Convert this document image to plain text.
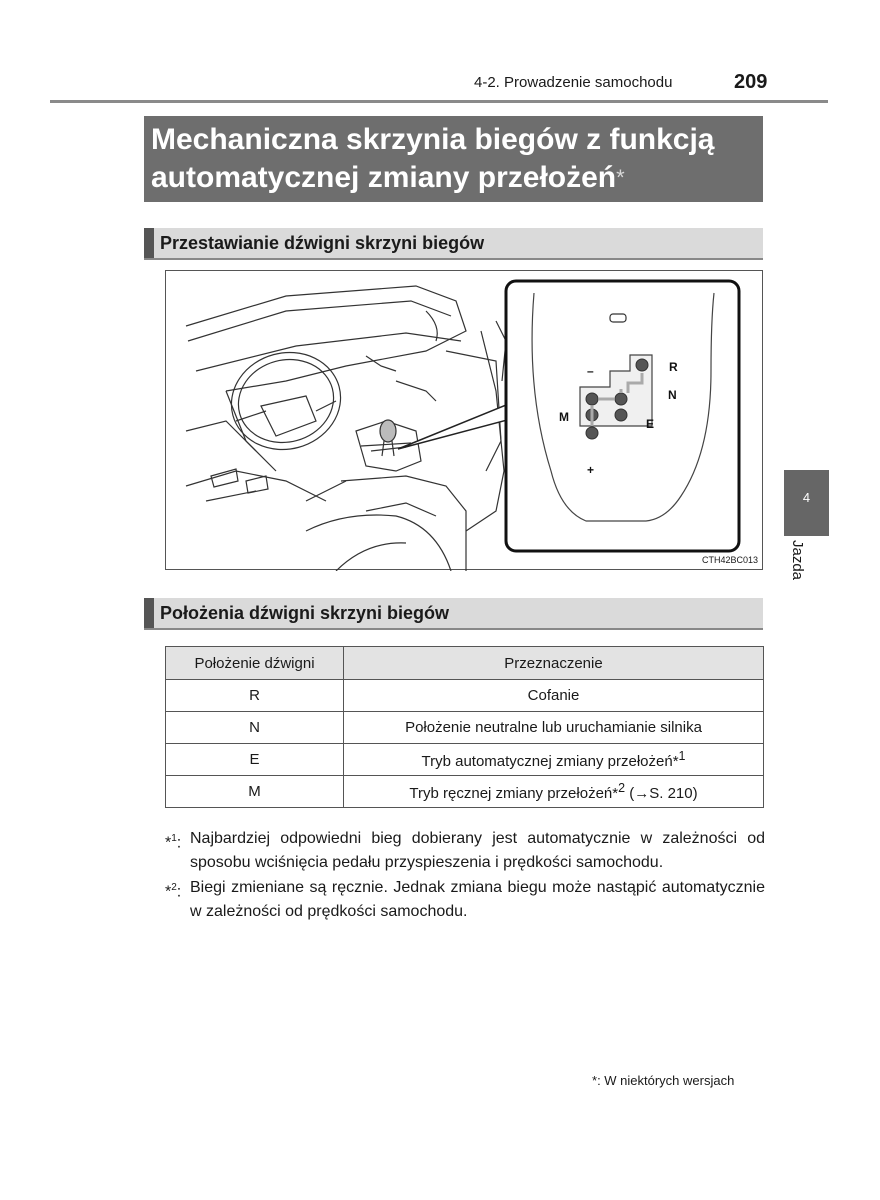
4-2. Prowadzenie samochodu	209
Mechaniczna skrzynia biegów z funkcją
automatycznej zmiany przełożeń*
Przestawianie dźwigni skrzyni biegów
R
N
M	E
–
+
CTH42BC013
4
Jazda
Położenia dźwigni skrzyni biegów
Położenie dźwigni	Przeznaczenie
R	Cofanie
N	Położenie neutralne lub uruchamianie silnika
E	Tryb automatycznej zmiany przełożeń*$^1$
M	Tryb ręcznej zmiany przełożeń*$^2$ (→S. 210)
*$^1$: Najbardziej odpowiedni bieg dobierany jest automatycznie w zależności od sposobu wciśnięcia pedału przyspieszenia i prędkości samochodu.
*$^2$: Biegi zmieniane są ręcznie. Jednak zmiana biegu może nastąpić automatycznie w zależności od prędkości samochodu.
*: W niektórych wersjach
